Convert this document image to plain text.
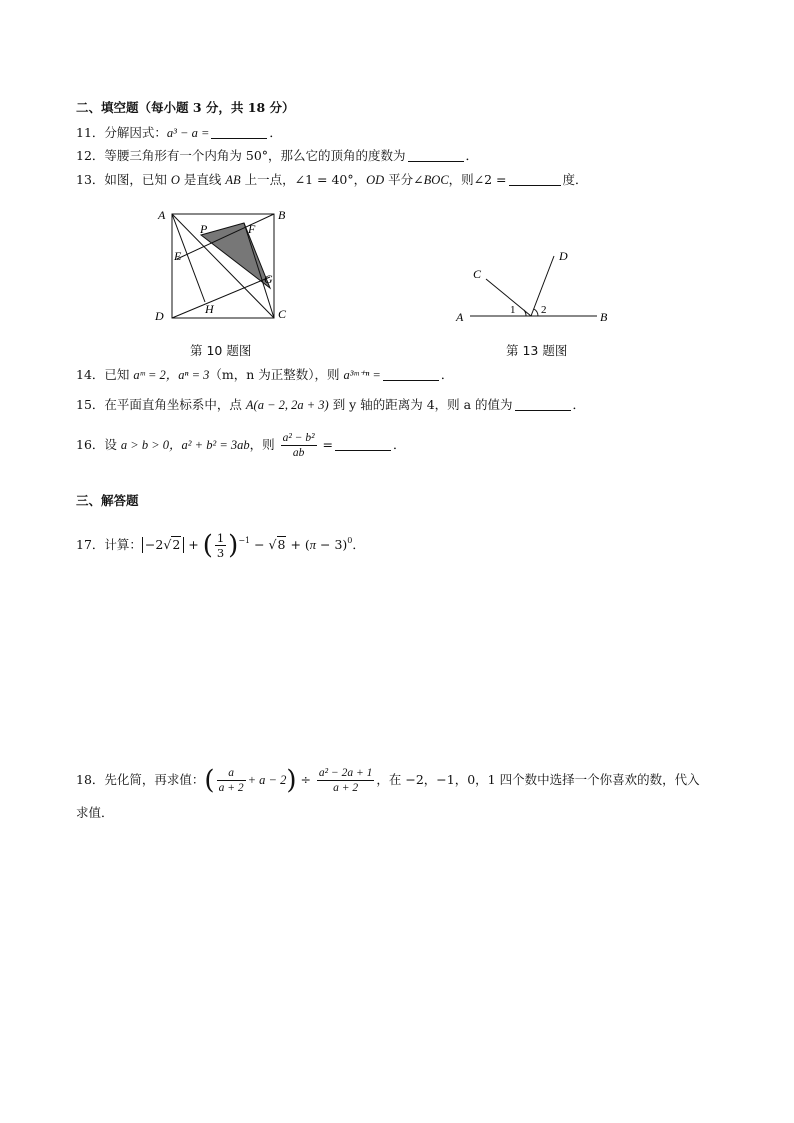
二、填空题（每小题 3 分，共 18 分）
11．分解因式：a³ − a =	．
12．等腰三角形有一个内角为 50°，那么它的顶角的度数为	．
13．如图，已知 O 是直线 AB 上一点，∠1 = 40°，OD 平分∠BOC，则∠2 =	度．
A	B
C
D
E
F
G
H
P
第 10 题图
A	B
C
D
1 2
第 13 题图
14．已知 aᵐ = 2，aⁿ = 3（m，n 为正整数），则 a³ᵐ⁺ⁿ =	．
15．在平面直角坐标系中，点 A(a − 2, 2a + 3) 到 y 轴的距离为 4，则 a 的值为	．
16．设 a > b > 0，a² + b² = 3ab，则 $\frac{\text{a² − b²}}{ab}$ =	．
三、解答题
17．计算： −2√2 + ( $\frac{1}{3} )^{-1} - √8 + (\pi - 3)^0$．
18．先化简，再求值：( $\frac{a}{a + 2} + a - 2) \div \frac{\text{a² − 2a + 1}}{a + 2}$ ，在 −2，−1，0，1 四个数中选择一个你喜欢的数，代入
求值．
